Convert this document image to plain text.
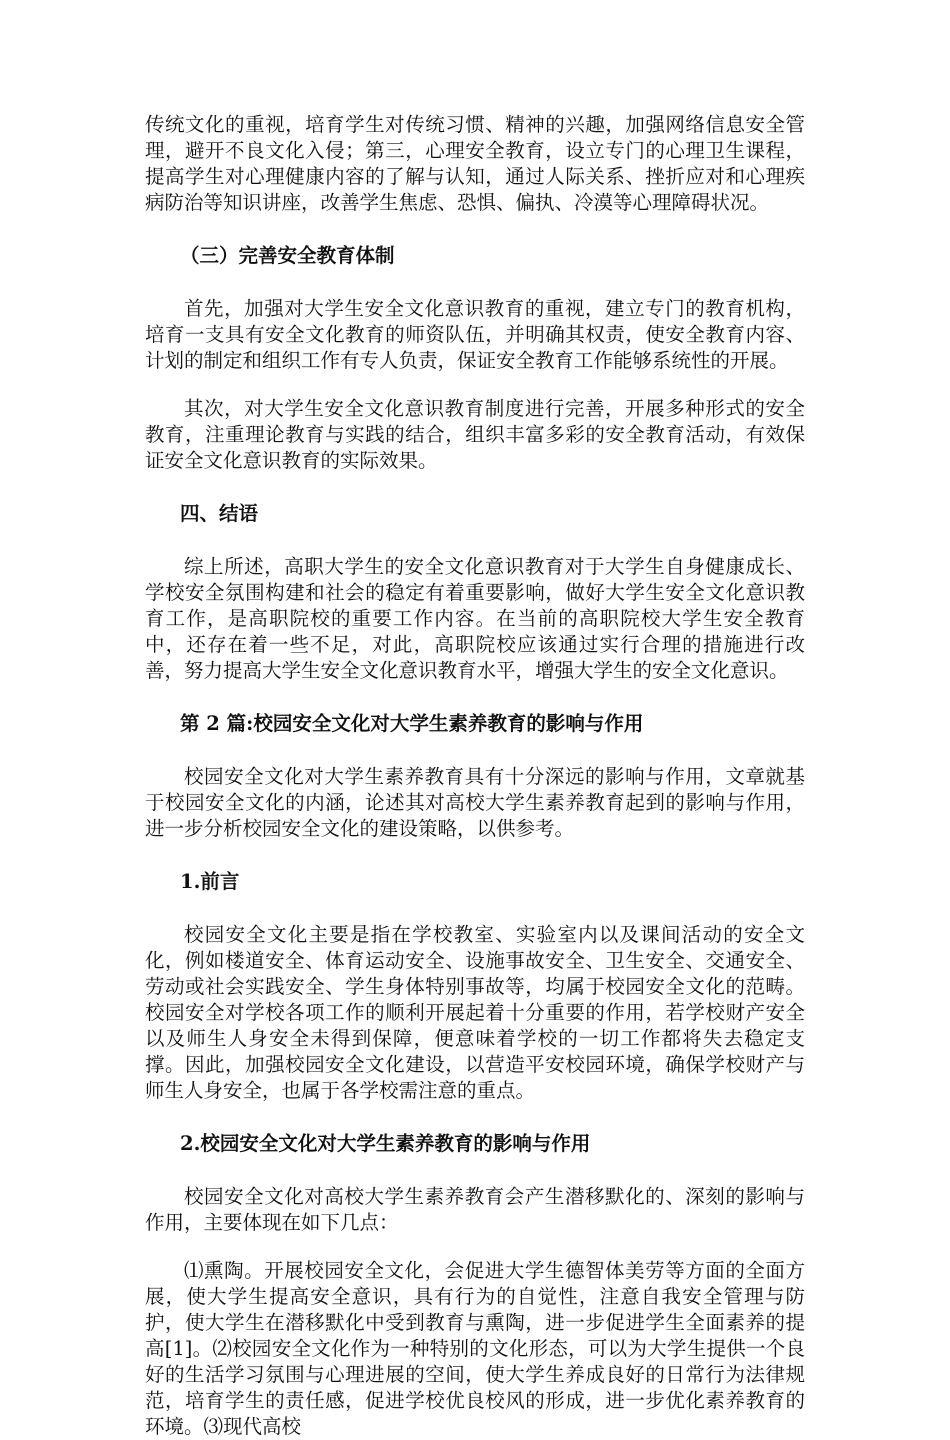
传统文化的重视，培育学生对传统习惯、精神的兴趣，加强网络信息安全管理，避开不良文化入侵；第三，心理安全教育，设立专门的心理卫生课程，提高学生对心理健康内容的了解与认知，通过人际关系、挫折应对和心理疾病防治等知识讲座，改善学生焦虑、恐惧、偏执、冷漠等心理障碍状况。

（三）完善安全教育体制

首先，加强对大学生安全文化意识教育的重视，建立专门的教育机构，培育一支具有安全文化教育的师资队伍，并明确其权责，使安全教育内容、计划的制定和组织工作有专人负责，保证安全教育工作能够系统性的开展。

其次，对大学生安全文化意识教育制度进行完善，开展多种形式的安全教育，注重理论教育与实践的结合，组织丰富多彩的安全教育活动，有效保证安全文化意识教育的实际效果。

四、结语

综上所述，高职大学生的安全文化意识教育对于大学生自身健康成长、学校安全氛围构建和社会的稳定有着重要影响，做好大学生安全文化意识教育工作，是高职院校的重要工作内容。在当前的高职院校大学生安全教育中，还存在着一些不足，对此，高职院校应该通过实行合理的措施进行改善，努力提高大学生安全文化意识教育水平，增强大学生的安全文化意识。

第 2 篇:校园安全文化对大学生素养教育的影响与作用

校园安全文化对大学生素养教育具有十分深远的影响与作用，文章就基于校园安全文化的内涵，论述其对高校大学生素养教育起到的影响与作用，进一步分析校园安全文化的建设策略，以供参考。

1.前言

校园安全文化主要是指在学校教室、实验室内以及课间活动的安全文化，例如楼道安全、体育运动安全、设施事故安全、卫生安全、交通安全、劳动或社会实践安全、学生身体特别事故等，均属于校园安全文化的范畴。校园安全对学校各项工作的顺利开展起着十分重要的作用，若学校财产安全以及师生人身安全未得到保障，便意味着学校的一切工作都将失去稳定支撑。因此，加强校园安全文化建设，以营造平安校园环境，确保学校财产与师生人身安全，也属于各学校需注意的重点。

2.校园安全文化对大学生素养教育的影响与作用

校园安全文化对高校大学生素养教育会产生潜移默化的、深刻的影响与作用，主要体现在如下几点：

⑴熏陶。开展校园安全文化，会促进大学生德智体美劳等方面的全面方展，使大学生提高安全意识，具有行为的自觉性，注意自我安全管理与防护，使大学生在潜移默化中受到教育与熏陶，进一步促进学生全面素养的提高[1]。⑵校园安全文化作为一种特别的文化形态，可以为大学生提供一个良好的生活学习氛围与心理进展的空间，使大学生养成良好的日常行为法律规范，培育学生的责任感，促进学校优良校风的形成，进一步优化素养教育的环境。⑶现代高校
